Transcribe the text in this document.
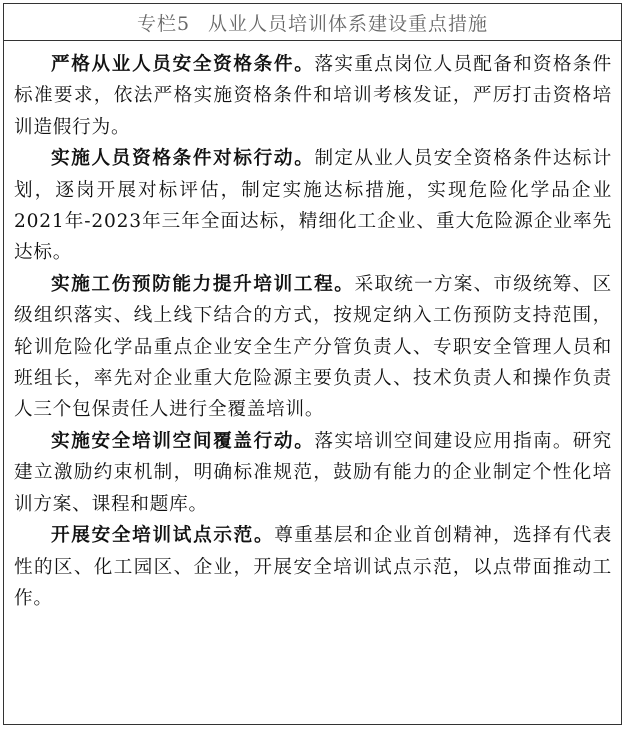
专栏5 从业人员培训体系建设重点措施

严格从业人员安全资格条件。落实重点岗位人员配备和资格条件标准要求，依法严格实施资格条件和培训考核发证，严厉打击资格培训造假行为。

实施人员资格条件对标行动。制定从业人员安全资格条件达标计划，逐岗开展对标评估，制定实施达标措施，实现危险化学品企业2021年-2023年三年全面达标，精细化工企业、重大危险源企业率先达标。

实施工伤预防能力提升培训工程。采取统一方案、市级统筹、区级组织落实、线上线下结合的方式，按规定纳入工伤预防支持范围，轮训危险化学品重点企业安全生产分管负责人、专职安全管理人员和班组长，率先对企业重大危险源主要负责人、技术负责人和操作负责人三个包保责任人进行全覆盖培训。

实施安全培训空间覆盖行动。落实培训空间建设应用指南。研究建立激励约束机制，明确标准规范，鼓励有能力的企业制定个性化培训方案、课程和题库。

开展安全培训试点示范。尊重基层和企业首创精神，选择有代表性的区、化工园区、企业，开展安全培训试点示范，以点带面推动工作。
